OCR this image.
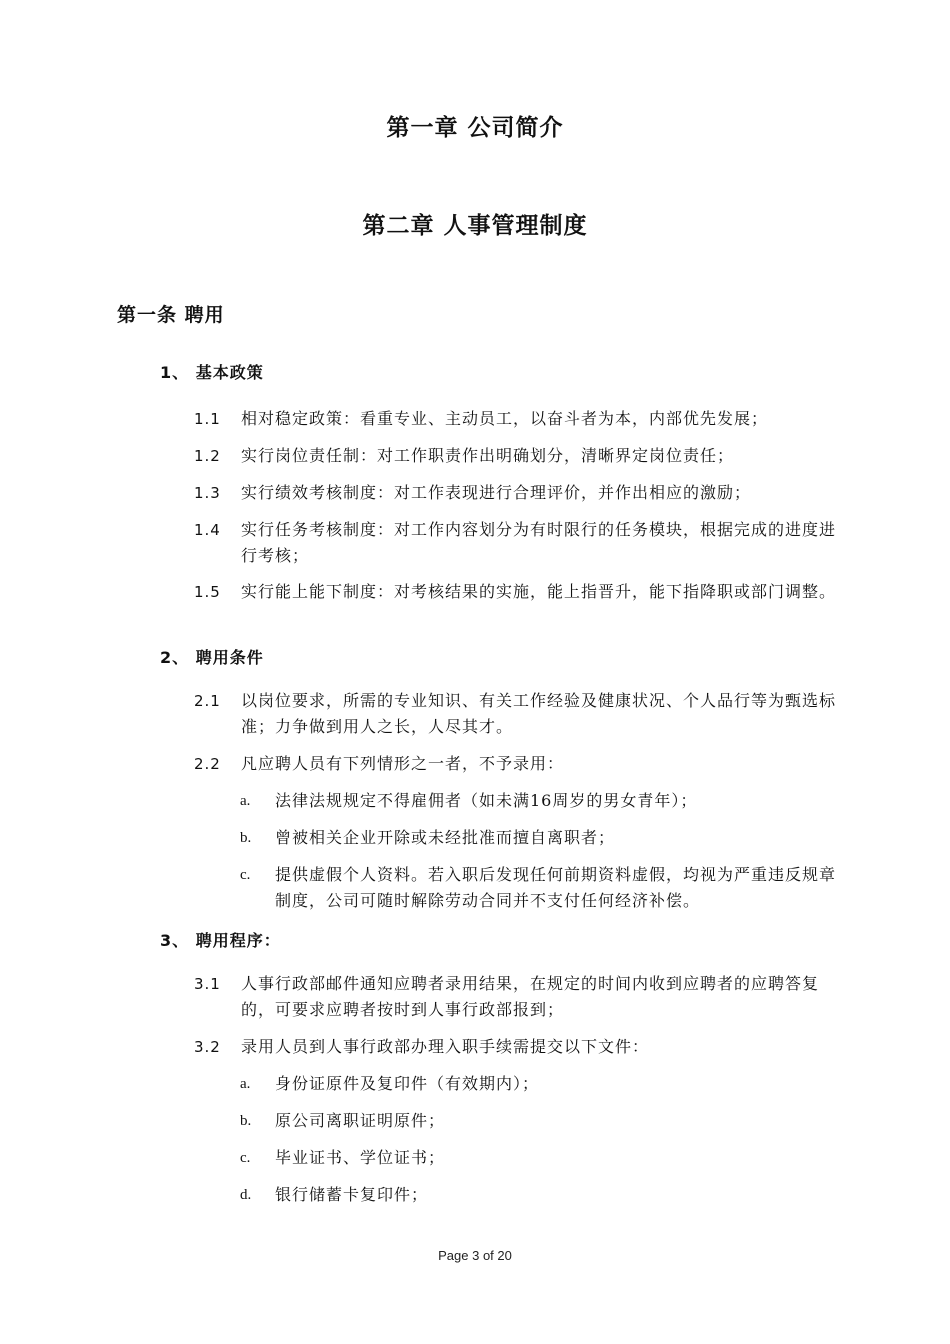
第一章 公司简介
第二章 人事管理制度
第一条 聘用
1、 基本政策
1.1	相对稳定政策：看重专业、主动员工，以奋斗者为本，内部优先发展；
1.2	实行岗位责任制：对工作职责作出明确划分，清晰界定岗位责任；
1.3	实行绩效考核制度：对工作表现进行合理评价，并作出相应的激励；
1.4	实行任务考核制度：对工作内容划分为有时限行的任务模块，根据完成的进度进行考核；
1.5	实行能上能下制度：对考核结果的实施，能上指晋升，能下指降职或部门调整。
2、 聘用条件
2.1	以岗位要求，所需的专业知识、有关工作经验及健康状况、个人品行等为甄选标准；力争做到用人之长，人尽其才。
2.2	凡应聘人员有下列情形之一者，不予录用：
a.	法律法规规定不得雇佣者（如未满16周岁的男女青年）；
b.	曾被相关企业开除或未经批准而擅自离职者；
c.	提供虚假个人资料。若入职后发现任何前期资料虚假，均视为严重违反规章制度，公司可随时解除劳动合同并不支付任何经济补偿。
3、 聘用程序：
3.1	人事行政部邮件通知应聘者录用结果，在规定的时间内收到应聘者的应聘答复的，可要求应聘者按时到人事行政部报到；
3.2	录用人员到人事行政部办理入职手续需提交以下文件：
a.	身份证原件及复印件（有效期内）；
b.	原公司离职证明原件；
c.	毕业证书、学位证书；
d.	银行储蓄卡复印件；
Page 3 of 20
